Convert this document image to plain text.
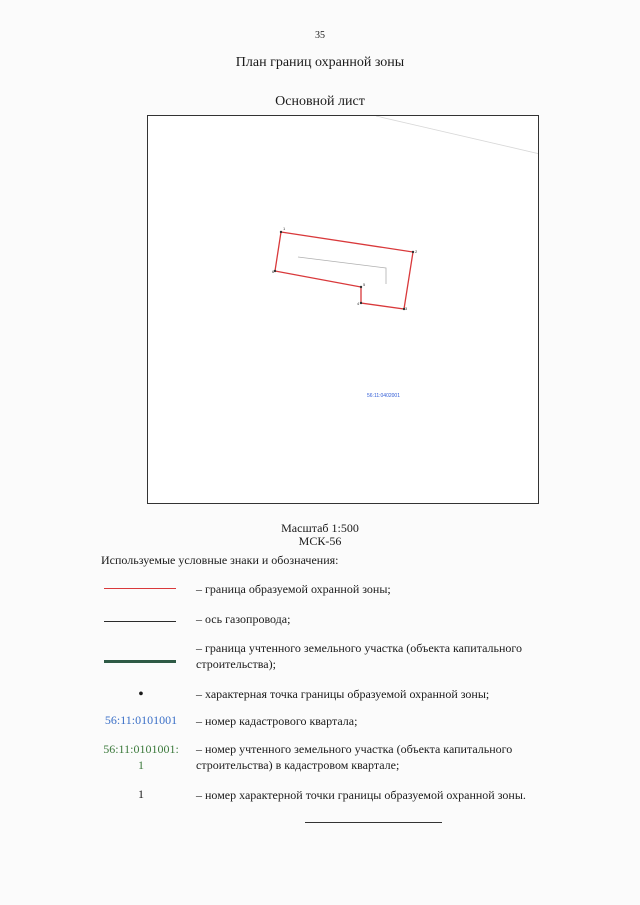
35
План границ охранной зоны
Основной лист
1
2
3
4
5
6
56:11:0402001
Масштаб 1:500
МСК-56
Используемые условные знаки и обозначения:
– граница образуемой охранной зоны;
– ось газопровода;
– граница учтенного земельного участка (объекта капитального строительства);
•	– характерная точка границы образуемой охранной зоны;
56:11:0101001	– номер кадастрового квартала;
56:11:0101001:
1
– номер учтенного земельного участка (объекта капитального строительства) в кадастровом квартале;
1	– номер характерной точки границы образуемой охранной зоны.
